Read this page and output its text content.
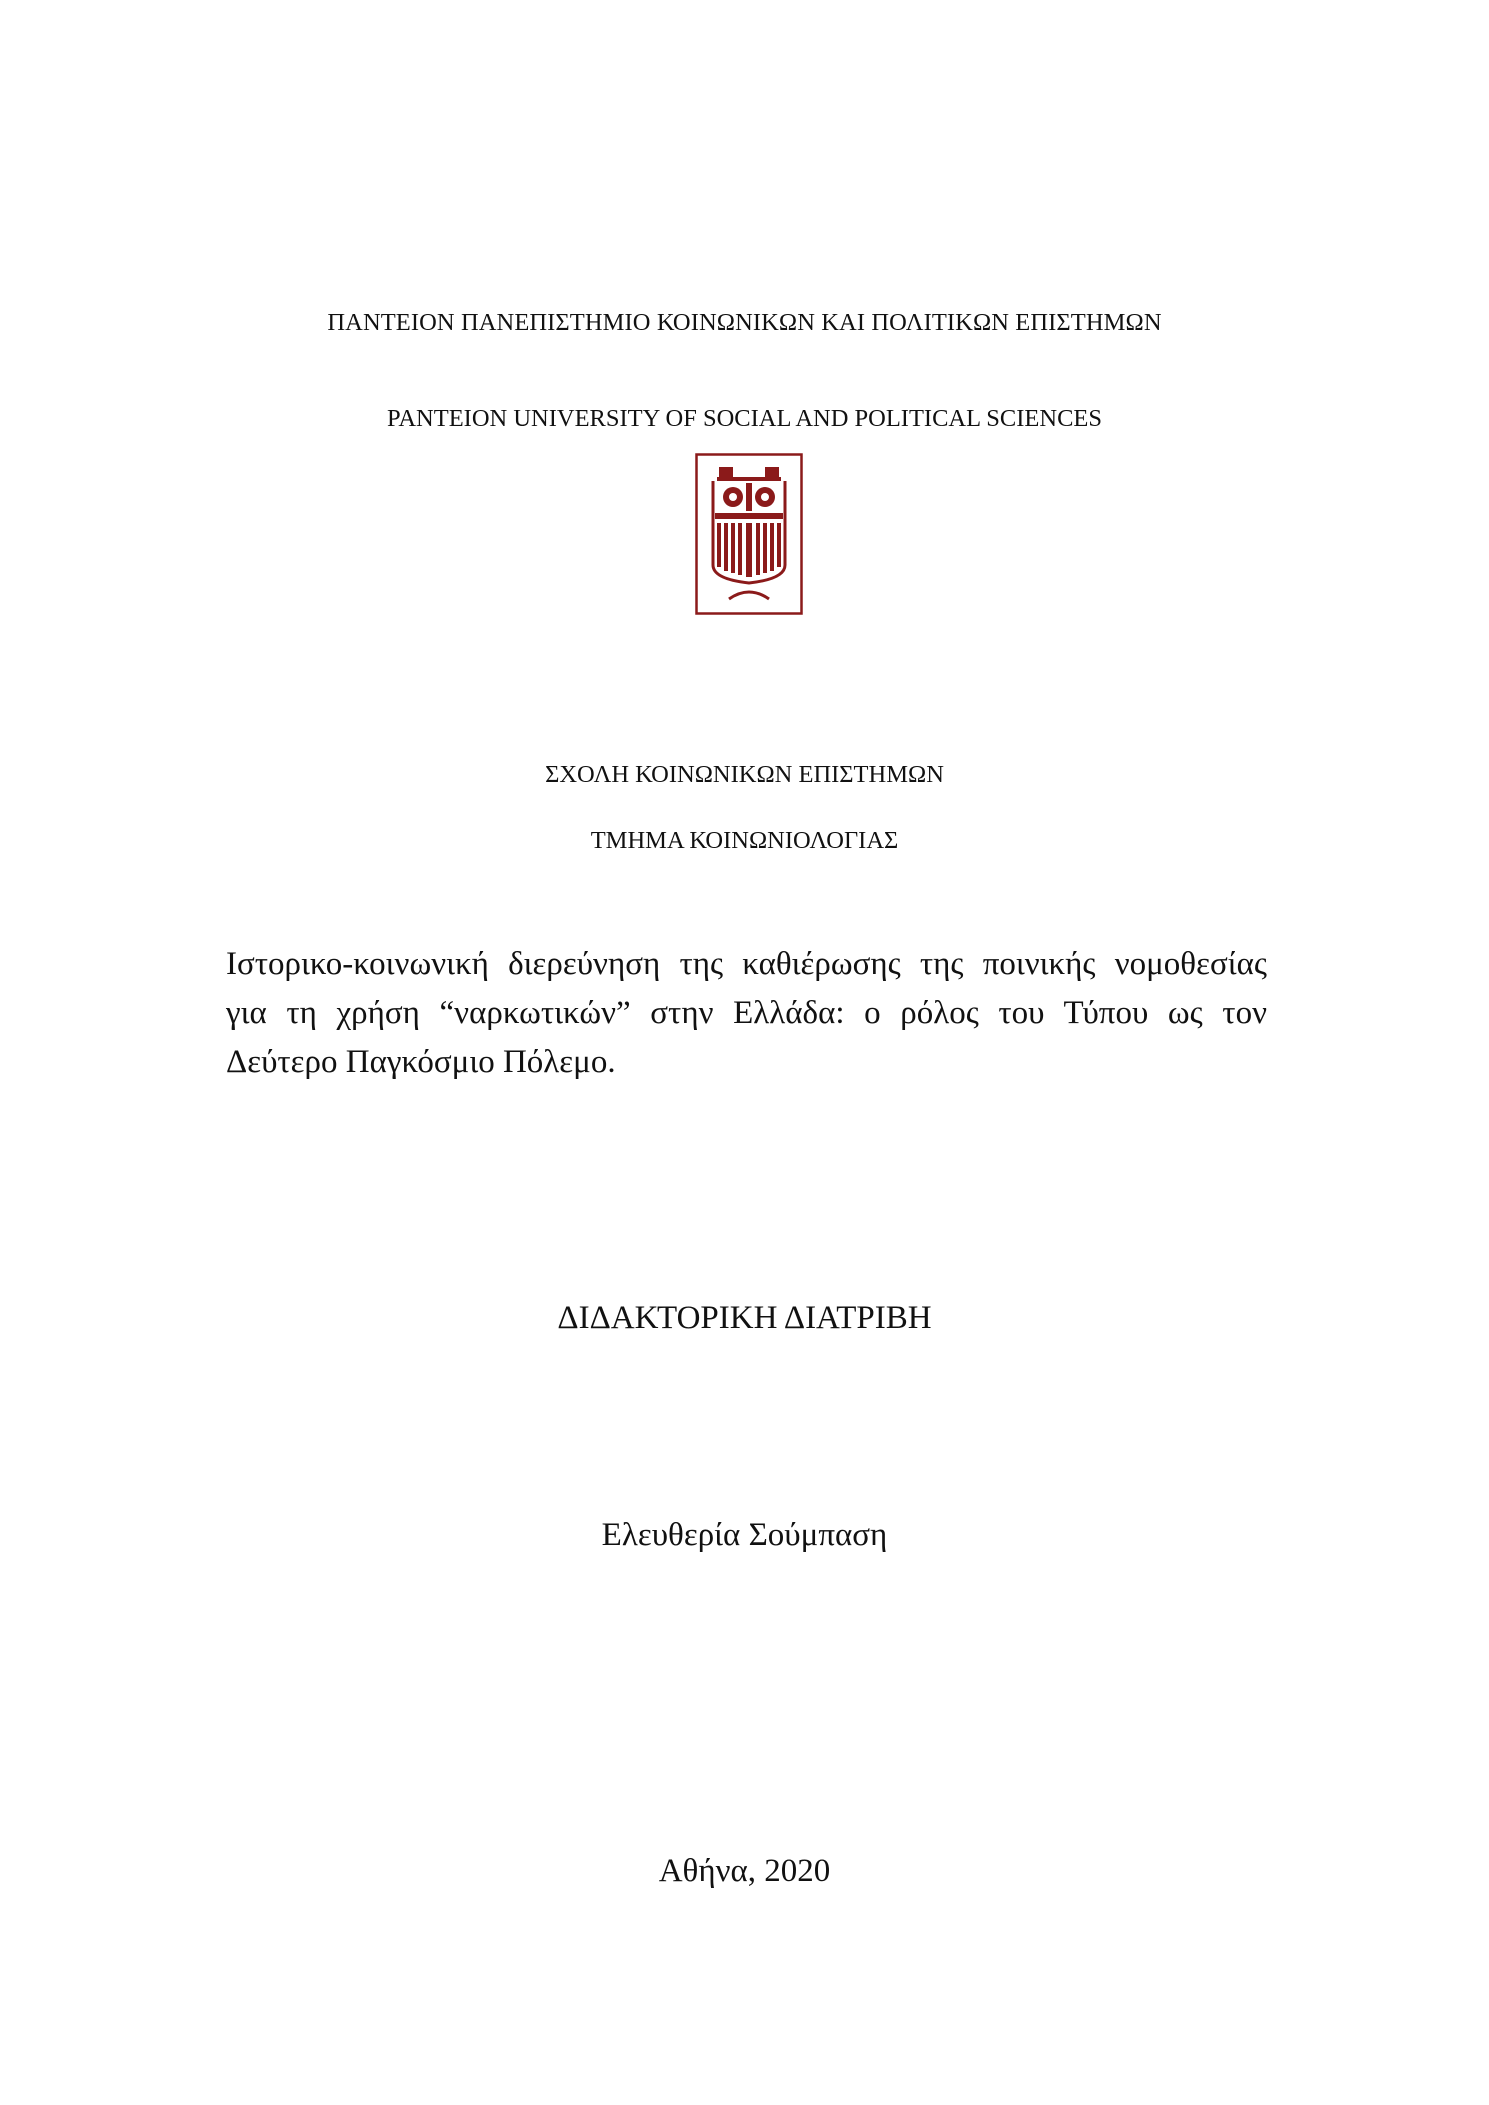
ΠΑΝΤΕΙΟΝ ΠΑΝΕΠΙΣΤΗΜΙΟ ΚΟΙΝΩΝΙΚΩΝ ΚΑΙ ΠΟΛΙΤΙΚΩΝ ΕΠΙΣΤΗΜΩΝ
PANTEION UNIVERSITY OF SOCIAL AND POLITICAL SCIENCES
ΣΧΟΛΗ ΚΟΙΝΩΝΙΚΩΝ ΕΠΙΣΤΗΜΩΝ
ΤΜΗΜΑ ΚΟΙΝΩΝΙΟΛΟΓΙΑΣ
Ιστορικο-κοινωνική διερεύνηση της καθιέρωσης της ποινικής νομοθεσίας
για τη χρήση “ναρκωτικών” στην Ελλάδα: ο ρόλος του Τύπου ως τον
Δεύτερο Παγκόσμιο Πόλεμο.
ΔΙΔΑΚΤΟΡΙΚΗ ΔΙΑΤΡΙΒΗ
Ελευθερία Σούμπαση
Αθήνα, 2020
